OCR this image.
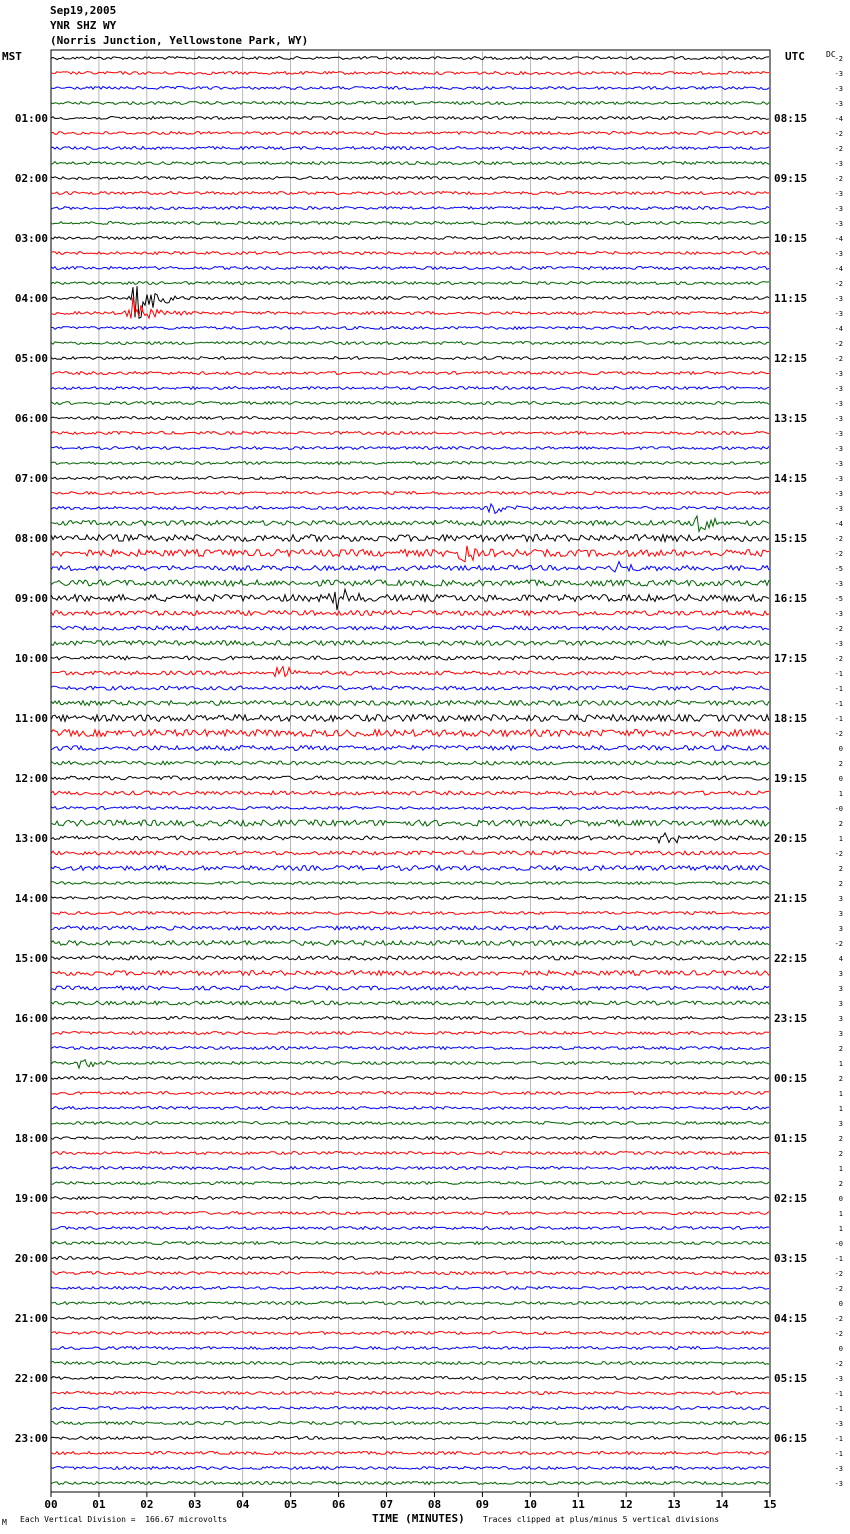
Sep19,2005
YNR SHZ WY
(Norris Junction, Yellowstone Park, WY)
MST	UTC	DC
00	01	02	03	04	05	06	07	08	09	10	11	12	13	14	15
-2
-3
-3
-3
-4
01:00	08:15
-2
-2
-3
-2
02:00	09:15
-3
-3
-3
-4
03:00	10:15
-3
-4
-2
-3
04:00	11:15
-3
-4
-2
-2
05:00	12:15
-3
-3
-3
-3
06:00	13:15
-3
-3
-3
-3
07:00	14:15
-3
-3
-4
-2
08:00	15:15
-2
-5
-3
-5
09:00	16:15
-3
-2
-3
-2
10:00	17:15
-1
-1
-1
-1
11:00	18:15
-2
0
2
0
12:00	19:15
1
-0
2
1
13:00	20:15
-2
2
2
3
14:00	21:15
3
3
-2
4
15:00	22:15
3
3
3
3
16:00	23:15
3
2
1
2
17:00	00:15
1
1
3
2
18:00	01:15
2
1
2
0
19:00	02:15
1
1
-0
-1
20:00	03:15
-2
-2
0
-2
21:00	04:15
-2
0
-2
-3
22:00	05:15
-1
-1
-3
-1
23:00	06:15
-1
-3
-3
TIME (MINUTES)
Each Vertical Division =  166.67 microvolts	Traces clipped at plus/minus 5 vertical divisions
M
